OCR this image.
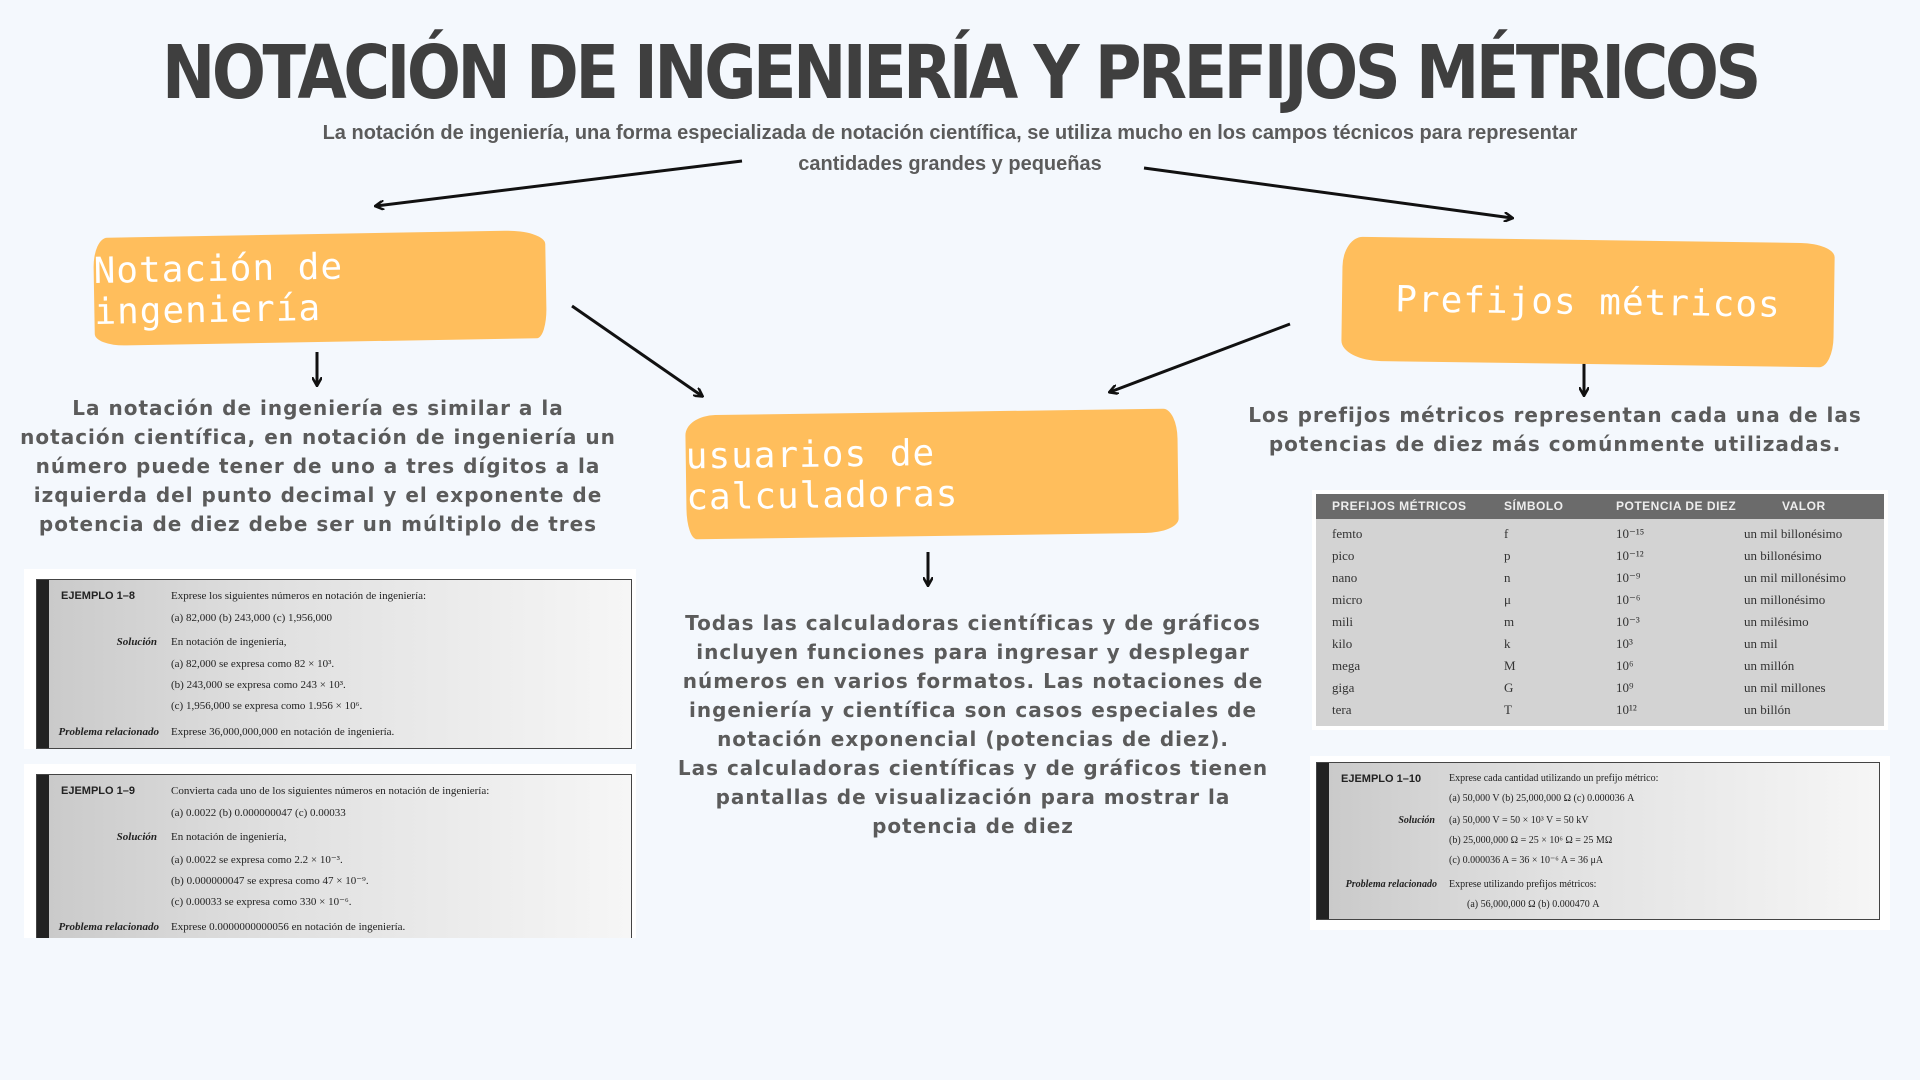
NOTACIÓN DE INGENIERÍA Y PREFIJOS MÉTRICOS
La notación de ingeniería, una forma especializada de notación científica, se utiliza mucho en los campos técnicos para representar cantidades grandes y pequeñas
Notación de ingeniería
usuarios de calculadoras
Prefijos métricos
La notación de ingeniería es similar a la notación científica, en notación de ingeniería un número puede tener de uno a tres dígitos a la izquierda del punto decimal y el exponente de potencia de diez debe ser un múltiplo de tres
Todas las calculadoras científicas y de gráficos incluyen funciones para ingresar y desplegar números en varios formatos. Las notaciones de ingeniería y científica son casos especiales de notación exponencial (potencias de diez).
Las calculadoras científicas y de gráficos tienen pantallas de visualización para mostrar la potencia de diez
Los prefijos métricos representan cada una de las potencias de diez más comúnmente utilizadas.
EJEMPLO 1–8	Exprese los siguientes números en notación de ingeniería:
(a) 82,000 (b) 243,000 (c) 1,956,000
Solución En notación de ingeniería,
(a) 82,000 se expresa como 82 × 10³.
(b) 243,000 se expresa como 243 × 10³.
(c) 1,956,000 se expresa como 1.956 × 10⁶.
Problema relacionado Exprese 36,000,000,000 en notación de ingeniería.
EJEMPLO 1–9	Convierta cada uno de los siguientes números en notación de ingeniería:
(a) 0.0022 (b) 0.000000047 (c) 0.00033
Solución En notación de ingeniería,
(a) 0.0022 se expresa como 2.2 × 10⁻³.
(b) 0.000000047 se expresa como 47 × 10⁻⁹.
(c) 0.00033 se expresa como 330 × 10⁻⁶.
Problema relacionado Exprese 0.0000000000056 en notación de ingeniería.
PREFIJOS MÉTRICOS	SÍMBOLO	POTENCIA DE DIEZ	VALOR
femto	f	10⁻¹⁵	un mil billonésimo
pico	p	10⁻¹²	un billonésimo
nano	n	10⁻⁹	un mil millonésimo
micro	μ	10⁻⁶	un millonésimo
mili	m	10⁻³	un milésimo
kilo	k	10³	un mil
mega	M	10⁶	un millón
giga	G	10⁹	un mil millones
tera	T	10¹²	un billón
EJEMPLO 1–10	Exprese cada cantidad utilizando un prefijo métrico:
(a) 50,000 V (b) 25,000,000 Ω (c) 0.000036 A
Solución (a) 50,000 V = 50 × 10³ V = 50 kV
(b) 25,000,000 Ω = 25 × 10⁶ Ω = 25 MΩ
(c) 0.000036 A = 36 × 10⁻⁶ A = 36 μA
Problema relacionado Exprese utilizando prefijos métricos:
(a) 56,000,000 Ω (b) 0.000470 A
